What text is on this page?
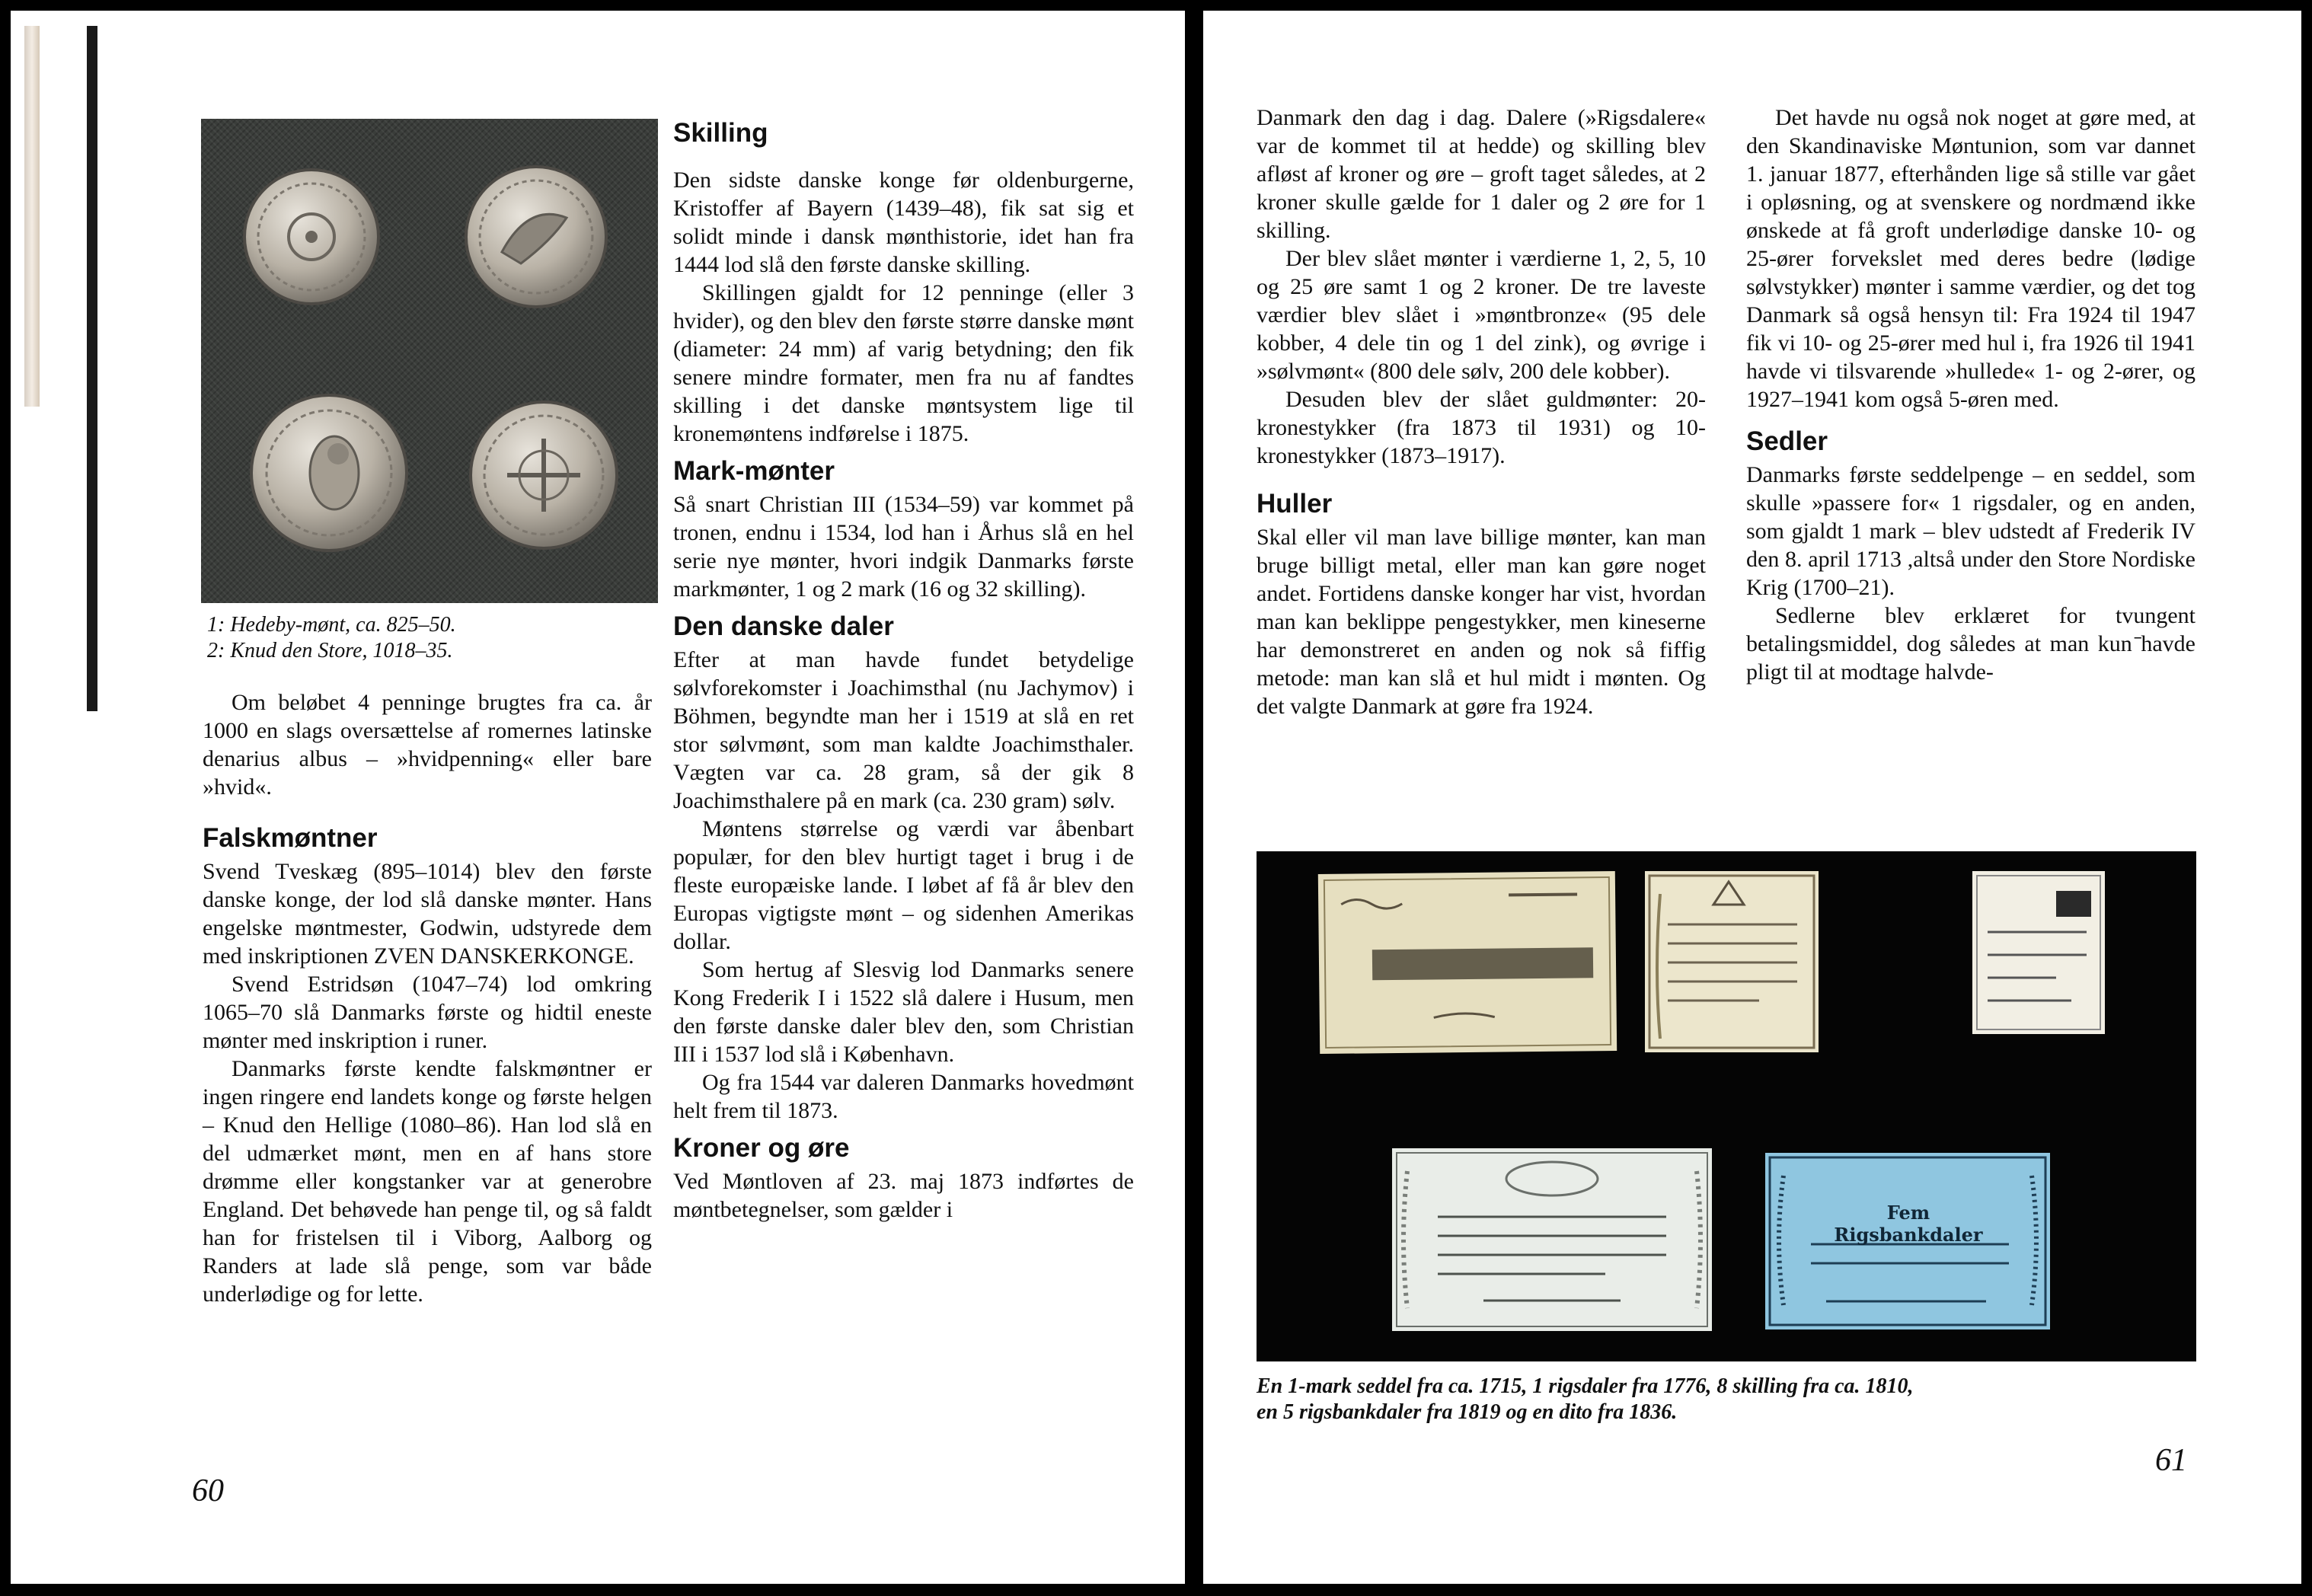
1: Hedeby-mønt, ca. 825–50.
2: Knud den Store, 1018–35.

Om beløbet 4 penninge brugtes fra ca. år 1000 en slags oversættelse af romernes latinske denarius albus – »hvidpenning« eller bare »hvid«.

Falskmøntner

Svend Tveskæg (895–1014) blev den første danske konge, der lod slå danske mønter. Hans engelske møntmester, Godwin, udstyrede dem med inskriptionen ZVEN DANSKERKONGE.

Svend Estridsøn (1047–74) lod omkring 1065–70 slå Danmarks første og hidtil eneste mønter med inskription i runer.

Danmarks første kendte falskmøntner er ingen ringere end landets konge og første helgen – Knud den Hellige (1080–86). Han lod slå en del udmærket mønt, men en af hans store drømme eller kongstanker var at generobre England. Det behøvede han penge til, og så faldt han for fristelsen til i Viborg, Aalborg og Randers at lade slå penge, som var både underlødige og for lette.

Skilling

Den sidste danske konge før oldenburgerne, Kristoffer af Bayern (1439–48), fik sat sig et solidt minde i dansk mønthistorie, idet han fra 1444 lod slå den første danske skilling.

Skillingen gjaldt for 12 penninge (eller 3 hvider), og den blev den første større danske mønt (diameter: 24 mm) af varig betydning; den fik senere mindre formater, men fra nu af fandtes skilling i det danske møntsystem lige til kronemøntens indførelse i 1875.

Mark-mønter

Så snart Christian III (1534–59) var kommet på tronen, endnu i 1534, lod han i Århus slå en hel serie nye mønter, hvori indgik Danmarks første markmønter, 1 og 2 mark (16 og 32 skilling).

Den danske daler

Efter at man havde fundet betydelige sølvforekomster i Joachimsthal (nu Jachymov) i Böhmen, begyndte man her i 1519 at slå en ret stor sølvmønt, som man kaldte Joachimsthaler. Vægten var ca. 28 gram, så der gik 8 Joachimsthalere på en mark (ca. 230 gram) sølv.

Møntens størrelse og værdi var åbenbart populær, for den blev hurtigt taget i brug i de fleste europæiske lande. I løbet af få år blev den Europas vigtigste mønt – og sidenhen Amerikas dollar.

Som hertug af Slesvig lod Danmarks senere Kong Frederik I i 1522 slå dalere i Husum, men den første danske daler blev den, som Christian III i 1537 lod slå i København.

Og fra 1544 var daleren Danmarks hovedmønt helt frem til 1873.

Kroner og øre

Ved Møntloven af 23. maj 1873 indførtes de møntbetegnelser, som gælder i

60

Danmark den dag i dag. Dalere (»Rigsdalere« var de kommet til at hedde) og skilling blev afløst af kroner og øre – groft taget således, at 2 kroner skulle gælde for 1 daler og 2 øre for 1 skilling.

Der blev slået mønter i værdierne 1, 2, 5, 10 og 25 øre samt 1 og 2 kroner. De tre laveste værdier blev slået i »møntbronze« (95 dele kobber, 4 dele tin og 1 del zink), og øvrige i »sølvmønt« (800 dele sølv, 200 dele kobber).

Desuden blev der slået guldmønter: 20-kronestykker (fra 1873 til 1931) og 10-kronestykker (1873–1917).

Huller

Skal eller vil man lave billige mønter, kan man bruge billigt metal, eller man kan gøre noget andet. Fortidens danske konger har vist, hvordan man kan beklippe pengestykker, men kineserne har demonstreret en anden og nok så fiffig metode: man kan slå et hul midt i mønten. Og det valgte Danmark at gøre fra 1924.

Det havde nu også nok noget at gøre med, at den Skandinaviske Møntunion, som var dannet 1. januar 1877, efterhånden lige så stille var gået i opløsning, og at svenskere og nordmænd ikke ønskede at få groft underlødige danske 10- og 25-ører forvekslet med deres bedre (lødige sølvstykker) mønter i samme værdier, og det tog Danmark så også hensyn til: Fra 1924 til 1947 fik vi 10- og 25-ører med hul i, fra 1926 til 1941 havde vi tilsvarende »hullede« 1- og 2-ører, og 1927–1941 kom også 5-øren med.

Sedler

Danmarks første seddelpenge – en seddel, som skulle »passere for« 1 rigsdaler, og en anden, som gjaldt 1 mark – blev udstedt af Frederik IV den 8. april 1713 ,altså under den Store Nordiske Krig (1700–21).

Sedlerne blev erklæret for tvungent betalingsmiddel, dog således at man kun ̄havde pligt til at modtage halvde-

Fem Rigsbankdaler
En 1-mark seddel fra ca. 1715, 1 rigsdaler fra 1776, 8 skilling fra ca. 1810,
en 5 rigsbankdaler fra 1819 og en dito fra 1836.
61
